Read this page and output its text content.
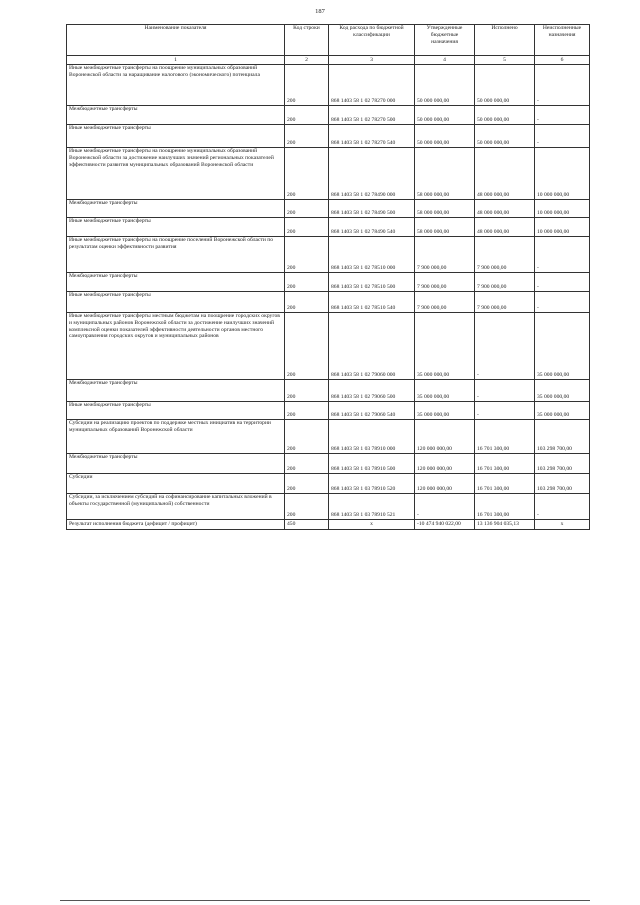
187
Наименование показателя	Код строки	Код расхода по бюджетной классификации	Утвержденные бюджетные назначения	Исполнено	Неисполненные назначения
1	2	3	4	5	6
Иные межбюджетные трансферты на поощрение муниципальных образований Воронежской области за наращивание налогового (экономического) потенциала	200	868 1403 58 1 02 78270 000	50 000 000,00	50 000 000,00	-
Межбюджетные трансферты	200	868 1403 58 1 02 78270 500	50 000 000,00	50 000 000,00	-
Иные межбюджетные трансферты	200	868 1403 58 1 02 78270 540	50 000 000,00	50 000 000,00	-
Иные межбюджетные трансферты на поощрение муниципальных образований Воронежской области за достижение наилучших значений региональных показателей эффективности развития муниципальных образований Воронежской области	200	868 1403 58 1 02 78490 000	58 000 000,00	48 000 000,00	10 000 000,00
Межбюджетные трансферты	200	868 1403 58 1 02 78490 500	58 000 000,00	48 000 000,00	10 000 000,00
Иные межбюджетные трансферты	200	868 1403 58 1 02 78490 540	58 000 000,00	48 000 000,00	10 000 000,00
Иные межбюджетные трансферты на поощрение поселений Воронежской области по результатам оценки эффективности развития	200	868 1403 58 1 02 78510 000	7 900 000,00	7 900 000,00	-
Межбюджетные трансферты	200	868 1403 58 1 02 78510 500	7 900 000,00	7 900 000,00	-
Иные межбюджетные трансферты	200	868 1403 58 1 02 78510 540	7 900 000,00	7 900 000,00	-
Иные межбюджетные трансферты местным бюджетам на поощрение городских округов и муниципальных районов Воронежской области за достижение наилучших значений комплексной оценки показателей эффективности деятельности органов местного самоуправления городских округов и муниципальных районов	200	868 1403 58 1 02 79060 000	35 000 000,00	-	35 000 000,00
Межбюджетные трансферты	200	868 1403 58 1 02 79060 500	35 000 000,00	-	35 000 000,00
Иные межбюджетные трансферты	200	868 1403 58 1 02 79060 540	35 000 000,00	-	35 000 000,00
Субсидии на реализацию проектов по поддержке местных инициатив на территории муниципальных образований Воронежской области	200	868 1403 58 1 03 78910 000	120 000 000,00	16 701 300,00	103 298 700,00
Межбюджетные трансферты	200	868 1403 58 1 03 78910 500	120 000 000,00	16 701 300,00	103 298 700,00
Субсидии	200	868 1403 58 1 03 78910 520	120 000 000,00	16 701 300,00	103 298 700,00
Субсидии, за исключением субсидий на софинансирование капитальных вложений в объекты государственной (муниципальной) собственности	200	868 1403 58 1 03 78910 521	-	16 701 300,00	-
Результат исполнения бюджета (дефицит / профицит)	450	x	-10 474 940 022,00	13 136 904 035,13	x
